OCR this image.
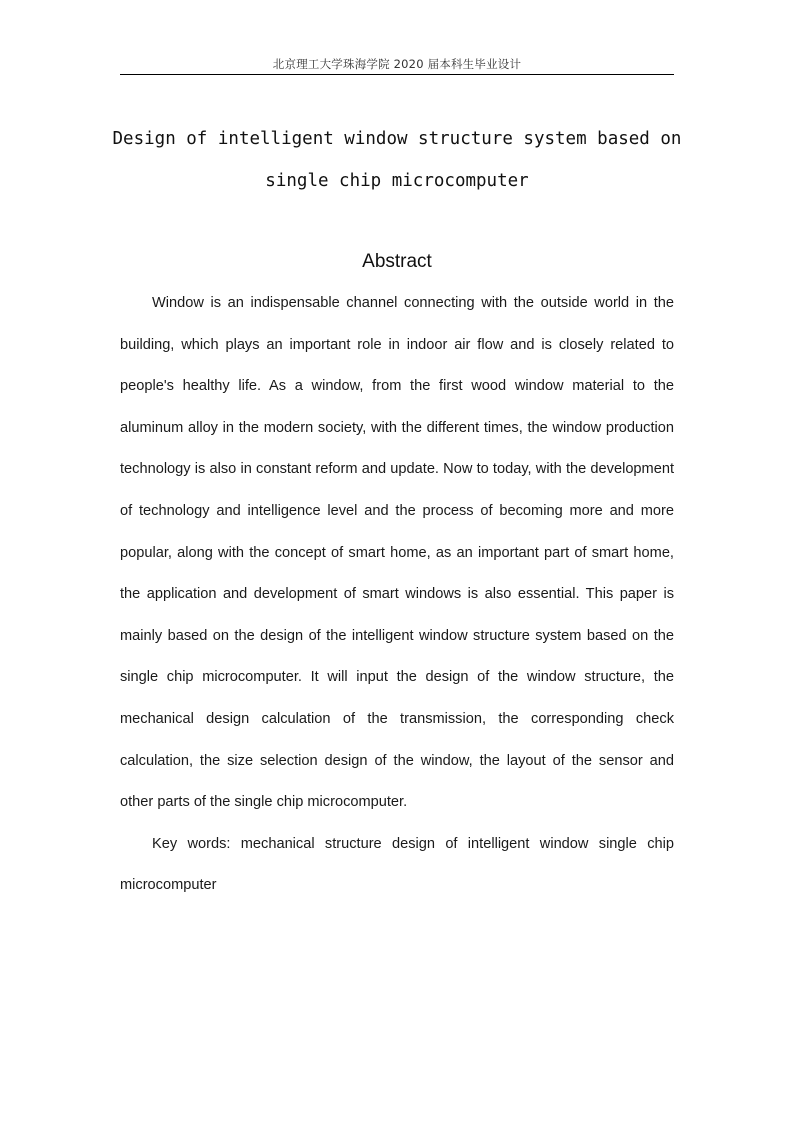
北京理工大学珠海学院 2020 届本科生毕业设计
Design of intelligent window structure system based on
single chip microcomputer
Abstract

Window is an indispensable channel connecting with the outside world in the building, which plays an important role in indoor air flow and is closely related to people's healthy life. As a window, from the first wood window material to the aluminum alloy in the modern society, with the different times, the window production technology is also in constant reform and update. Now to today, with the development of technology and intelligence level and the process of becoming more and more popular, along with the concept of smart home, as an important part of smart home, the application and development of smart windows is also essential. This paper is mainly based on the design of the intelligent window structure system based on the single chip microcomputer. It will input the design of the window structure, the mechanical design calculation of the transmission, the corresponding check calculation, the size selection design of the window, the layout of the sensor and other parts of the single chip microcomputer.

Key words: mechanical structure design of intelligent window single chip microcomputer
